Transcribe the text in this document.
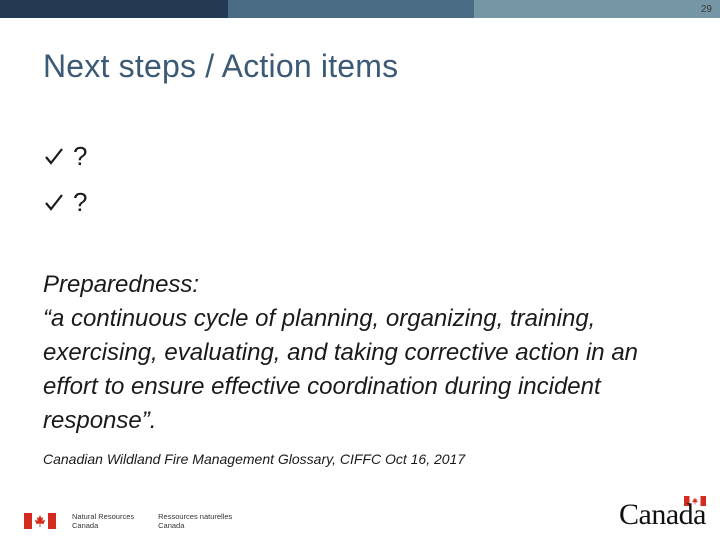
29
Next steps / Action items
?
?
Preparedness:
“a continuous cycle of planning, organizing, training, exercising, evaluating, and taking corrective action in an effort to ensure effective coordination during incident response”.
Canadian Wildland Fire Management Glossary, CIFFC Oct 16, 2017
Natural Resources
Canada
Ressources naturelles
Canada	Canada
